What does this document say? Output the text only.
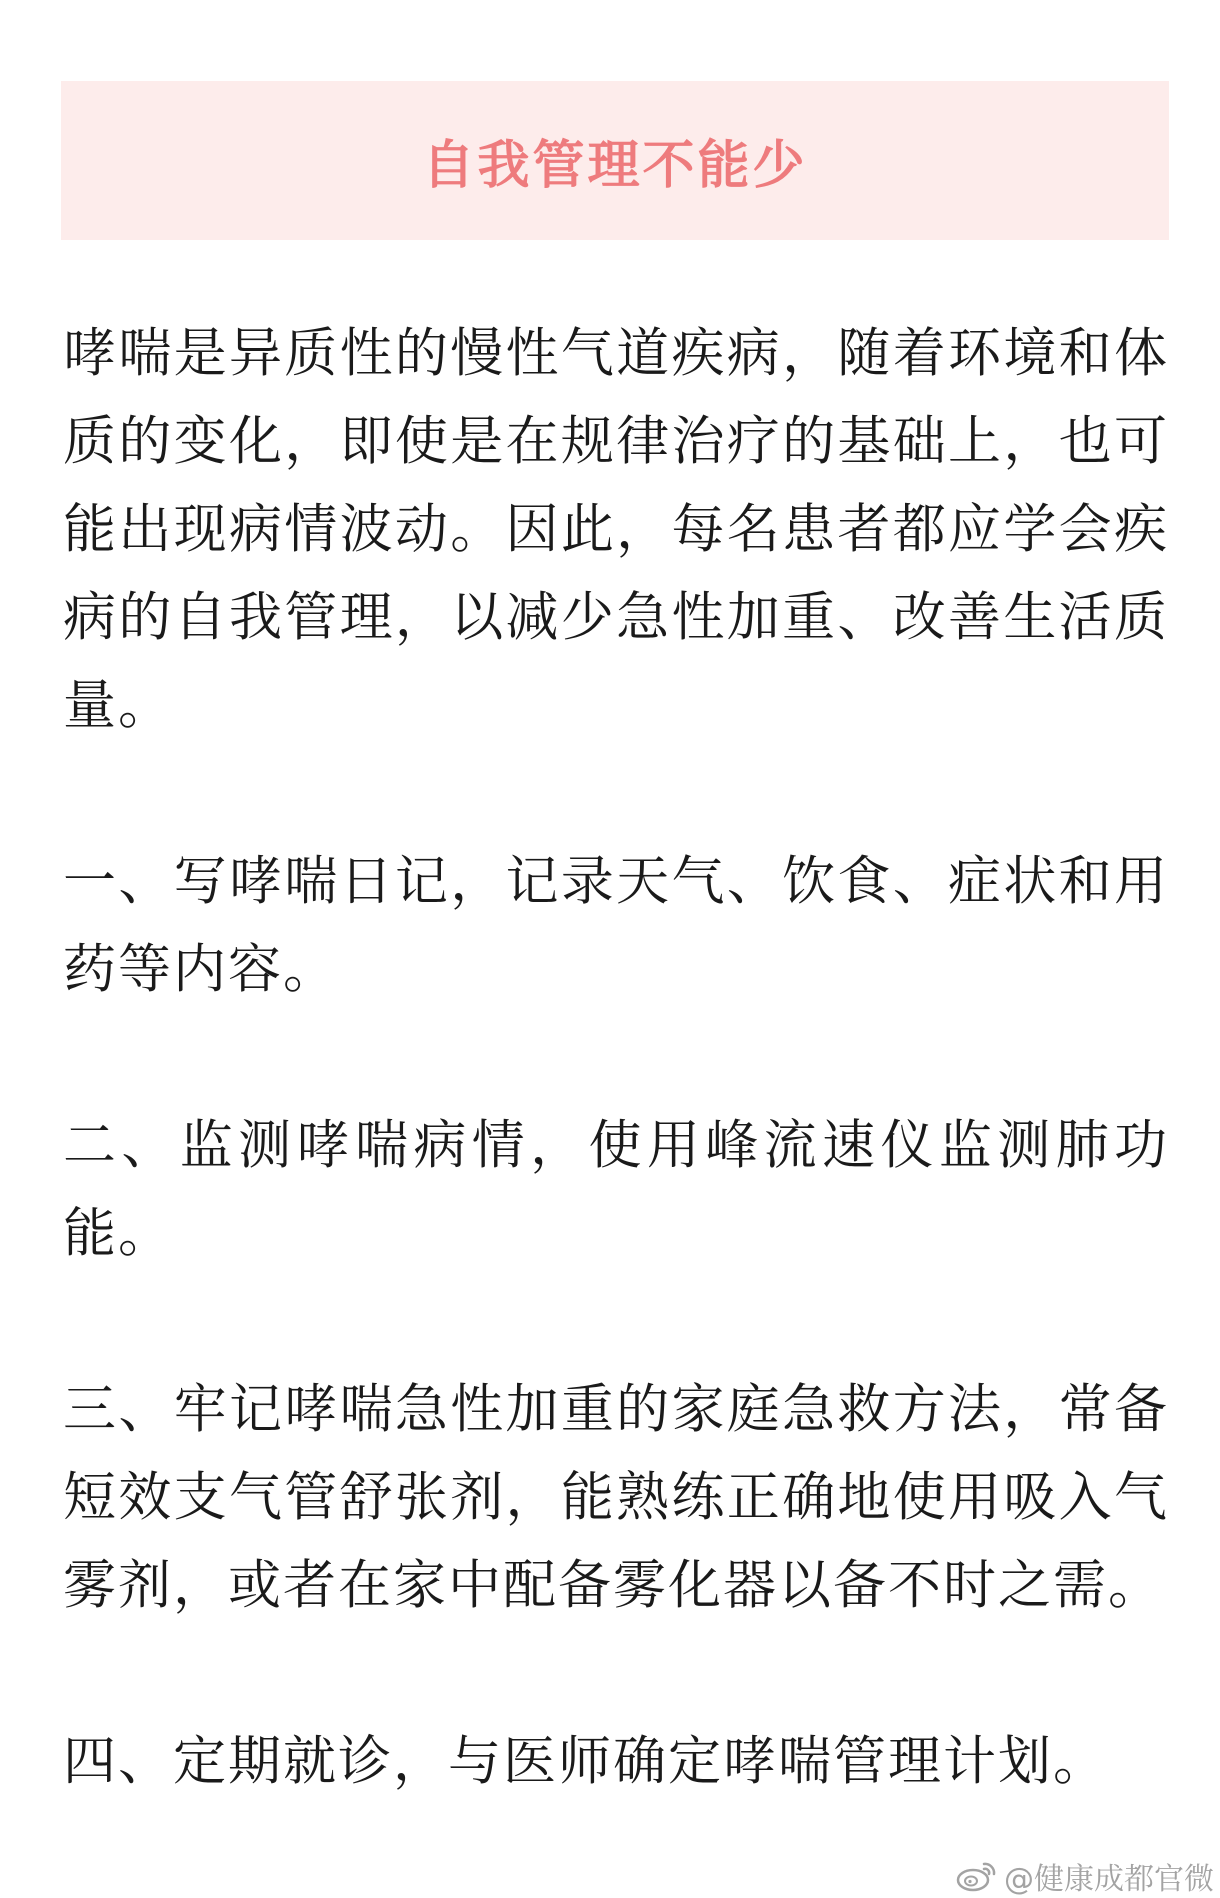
自我管理不能少

哮喘是异质性的慢性气道疾病，随着环境和体质的变化，即使是在规律治疗的基础上，也可能出现病情波动。因此，每名患者都应学会疾病的自我管理，以减少急性加重、改善生活质量。

一、写哮喘日记，记录天气、饮食、症状和用药等内容。

二、监测哮喘病情，使用峰流速仪监测肺功能。

三、牢记哮喘急性加重的家庭急救方法，常备短效支气管舒张剂，能熟练正确地使用吸入气雾剂，或者在家中配备雾化器以备不时之需。

四、定期就诊，与医师确定哮喘管理计划。

@健康成都官微
